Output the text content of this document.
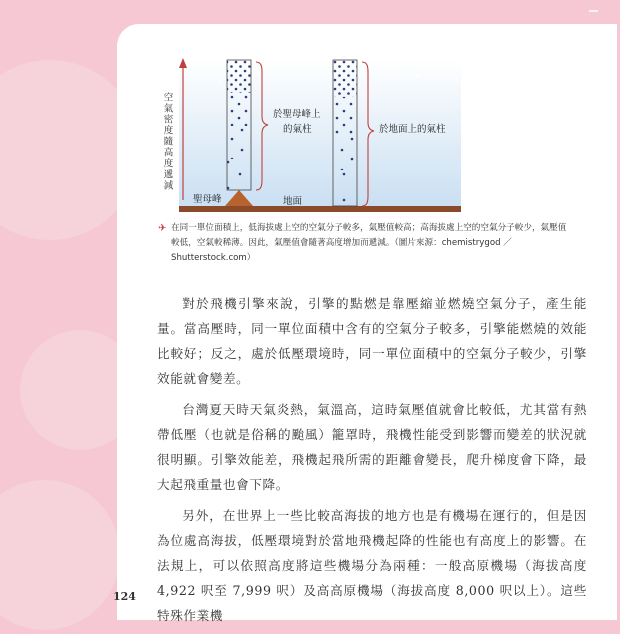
空氣密度隨高度遞減	於聖母峰上
的氣柱	於地面上的氣柱
聖母峰	地面
✈ 在同一單位面積上，低海拔處上空的空氣分子較多，氣壓值較高；高海拔處上空的空氣分子較少，氣壓值較低，空氣較稀薄。因此，氣壓值會隨著高度增加而遞減。（圖片來源：chemistrygod ／ Shutterstock.com）

對於飛機引擎來說，引擎的點燃是靠壓縮並燃燒空氣分子，產生能量。當高壓時，同一單位面積中含有的空氣分子較多，引擎能燃燒的效能比較好；反之，處於低壓環境時，同一單位面積中的空氣分子較少，引擎效能就會變差。

台灣夏天時天氣炎熱，氣溫高，這時氣壓值就會比較低，尤其當有熱帶低壓（也就是俗稱的颱風）籠罩時，飛機性能受到影響而變差的狀況就很明顯。引擎效能差，飛機起飛所需的距離會變長，爬升梯度會下降，最大起飛重量也會下降。

另外，在世界上一些比較高海拔的地方也是有機場在運行的，但是因為位處高海拔，低壓環境對於當地飛機起降的性能也有高度上的影響。在法規上，可以依照高度將這些機場分為兩種：一般高原機場（海拔高度 4,922 呎至 7,999 呎）及高高原機場（海拔高度 8,000 呎以上）。這些特殊作業機

124
